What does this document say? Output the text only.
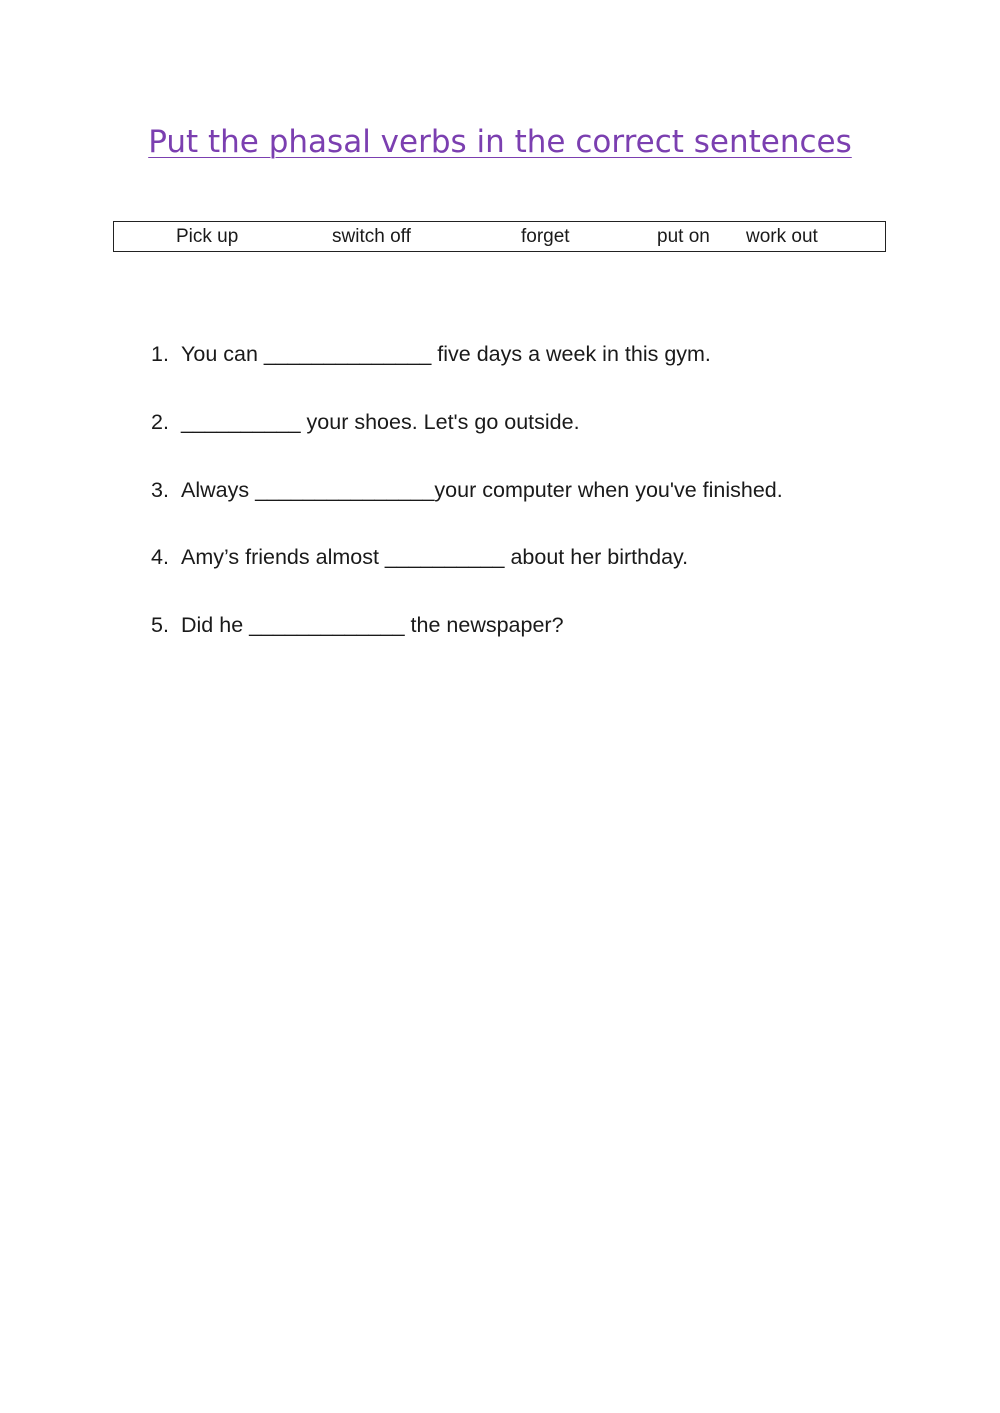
Put the phasal verbs in the correct sentences
Pick up	switch off	forget	put on work out
1. You can ______________ five days a week in this gym.
2. __________ your shoes. Let's go outside.
3. Always _______________your computer when you've finished.
4. Amy’s friends almost __________ about her birthday.
5. Did he _____________ the newspaper?
